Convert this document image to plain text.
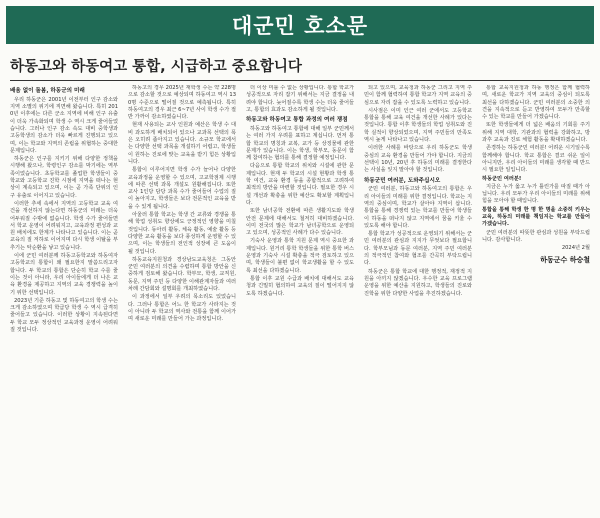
대군민 호소문
하동고와 하동여고 통합, 시급하고 중요합니다

배움 없이 돌봄, 하동군의 미래

우리 하동군은 2001년 이전부터 인구 감소와 지역 소멸의 위기에 직면해 왔습니다. 특히 2010년 이후에는 다른 군소 지역에 비해 인구 유출이 더욱 가속화되며 학생 수 역시 크게 줄어들었습니다. 그러나 인구 감소 속도 대비 중학생과 고등학생의 감소가 더욱 빠르게 진행되고 있으며, 이는 학교와 지역의 존립을 위협하는 중대한 문제입니다.

하동군은 인구를 지키기 위해 다양한 정책을 시행해 왔으나, 학령인구 감소를 막기에는 역부족이었습니다. 초등학교를 졸업한 학생들이 중학교와 고등학교 진학 시점에 지역을 떠나는 현상이 계속되고 있으며, 이는 곧 가족 단위의 인구 유출로 이어지고 있습니다.

이러한 추세 속에서 지역의 고등학교 교육 여건을 개선하지 않는다면 하동군의 미래는 더욱 어두워질 수밖에 없습니다. 학생 수가 줄어들면서 학교 운영이 어려워지고, 교육과정 편성과 교원 배치에도 한계가 나타나고 있습니다. 이는 곧 교육의 질 저하로 이어지며 다시 학생 이탈을 부추기는 악순환을 낳고 있습니다.

이에 군민 여러분께 하동고등학교와 하동여자고등학교의 통합이 왜 필요한지 말씀드리고자 합니다. 두 학교의 통합은 단순히 학교 수를 줄이는 것이 아니라, 우리 아이들에게 더 나은 교육 환경을 제공하고 지역의 교육 경쟁력을 높이기 위한 선택입니다.

2023년 기준 하동고 및 하동여고의 학생 수는 크게 감소하였으며 학급당 학생 수 역시 급격히 줄어들고 있습니다. 이러한 상황이 지속된다면 두 학교 모두 정상적인 교육과정 운영이 어려워질 것입니다.

하동고의 경우 2025년 재학생 수는 약 228명으로 감소할 것으로 예상되며 하동여고 역시 130명 수준으로 떨어질 것으로 예측됩니다. 특히 하동여고의 경우 최근 6~7년 사이 학생 수가 절반 가까이 감소하였습니다.

현재 사용되는 교사 인원과 예산은 학생 수 대비 과도하게 배치되어 있으나 교과목 선택의 폭은 오히려 좁아지고 있습니다. 소규모 학교에서는 다양한 선택 과목을 개설하기 어렵고, 학생들이 원하는 진로에 맞는 교육을 받기 힘든 상황입니다.

통합이 이루어지면 학생 수가 늘어나 다양한 교육과정을 운영할 수 있으며, 고교학점제 시행에 따른 선택 과목 개설도 원활해집니다. 또한 교사 1인당 담당 과목 수가 줄어들어 수업의 질이 높아지고, 학생들은 보다 전문적인 교육을 받을 수 있게 됩니다.

아울러 통합 학교는 학생 간 교류와 경쟁을 통해 학업 성취도 향상에도 긍정적인 영향을 미칠 것입니다. 동아리 활동, 체육 활동, 예술 활동 등 다양한 교육 활동을 보다 풍성하게 운영할 수 있으며, 이는 학생들의 전인적 성장에 큰 도움이 될 것입니다.

하동교육지원청과 경상남도교육청은 그동안 군민 여러분의 의견을 수렴하며 통합 방안을 신중하게 검토해 왔습니다. 학부모, 학생, 교직원, 동문, 지역 주민 등 다양한 이해관계자들과 여러 차례 간담회와 설명회를 개최하였습니다.

이 과정에서 일부 우려의 목소리도 있었습니다. 그러나 통합은 어느 한 학교가 사라지는 것이 아니라 두 학교의 역사와 전통을 함께 이어가며 새로운 미래를 만들어 가는 과정입니다.

더 이상 미룰 수 없는 상황입니다. 통합 학교가 성공적으로 자리 잡기 위해서는 지금 결정을 내려야 합니다. 늦어질수록 학생 수는 더욱 줄어들고, 통합의 효과도 감소하게 될 것입니다.

하동고와 하동여고 통합 과정의 여러 쟁점

하동고와 하동여고 통합에 대해 일부 군민께서는 여러 가지 우려를 표하고 계십니다. 먼저 통합 학교의 명칭과 교복, 교가 등 상징물에 관한 문제가 있습니다. 이는 학생, 학부모, 동문이 함께 참여하는 협의를 통해 결정할 예정입니다.

다음으로 통합 학교의 위치와 시설에 관한 문제입니다. 현재 두 학교의 시설 현황과 학생 통학 여건, 교육 환경 등을 종합적으로 고려하여 최적의 방안을 마련할 것입니다. 필요한 경우 시설 개선과 확충을 위한 예산도 확보할 계획입니다.

또한 남녀공학 전환에 따른 생활지도와 학생 안전 문제에 대해서도 철저히 대비하겠습니다. 이미 전국의 많은 학교가 남녀공학으로 운영되고 있으며, 성공적인 사례가 다수 있습니다.

기숙사 운영과 통학 지원 문제 역시 중요한 과제입니다. 원거리 통학 학생들을 위한 통학 버스 운영과 기숙사 시설 확충을 적극 검토하고 있으며, 학생들이 불편 없이 학교생활을 할 수 있도록 최선을 다하겠습니다.

통합 이후 교원 수급과 배치에 대해서도 교육청과 긴밀히 협의하여 교육의 질이 떨어지지 않도록 하겠습니다.

되고 있으며, 교육청과 하동군 그리고 지역 주민이 함께 협력하여 통합 학교가 지역 교육의 중심으로 자리 잡을 수 있도록 노력하고 있습니다.

시사점은 이미 인근 여러 군에서도 고등학교 통합을 통해 교육 여건을 개선한 사례가 있다는 것입니다. 통합 이후 학생들의 학업 성취도와 진학 실적이 향상되었으며, 지역 주민들의 만족도 역시 높게 나타나고 있습니다.

이러한 사례를 바탕으로 우리 하동군도 학생 중심의 교육 환경을 만들어 가야 합니다. 지금의 선택이 10년, 20년 후 하동의 미래를 결정한다는 사실을 잊지 말아야 할 것입니다.

하동군민 여러분, 도와주십시오

군민 여러분, 하동고와 하동여고의 통합은 우리 아이들의 미래를 위한 결정입니다. 학교는 지역의 중심이며, 학교가 살아야 지역이 삽니다. 통합을 통해 경쟁력 있는 학교를 만들어 학생들이 하동을 떠나지 않고 지역에서 꿈을 키울 수 있도록 해야 합니다.

통합 학교가 성공적으로 운영되기 위해서는 군민 여러분의 관심과 지지가 무엇보다 필요합니다. 학부모님과 동문 여러분, 지역 주민 여러분의 적극적인 참여와 협조를 간곡히 부탁드립니다.

하동군은 통합 학교에 대한 행정적, 재정적 지원을 아끼지 않겠습니다. 우수한 교육 프로그램 운영을 위한 예산을 지원하고, 학생들의 진로와 진학을 위한 다양한 사업을 추진하겠습니다.

통합 교육지원청과 하동 행정은 함께 협력하며, 새로운 학교가 지역 교육의 중심이 되도록 최선을 다하겠습니다. 군민 여러분의 소중한 의견을 지속적으로 듣고 반영하여 모두가 만족할 수 있는 학교를 만들어 가겠습니다.

또한 학생들에게 더 넓은 배움의 기회를 주기 위해 지역 대학, 기관과의 협력을 강화하고, 방과후 교육과 진로 체험 활동을 확대하겠습니다.

존경하는 하동군민 여러분! 어려운 시기일수록 함께해야 합니다. 학교 통합은 결코 쉬운 일이 아니지만, 우리 아이들의 미래를 생각할 때 반드시 필요한 일입니다.

하동군민 여러분!

지금은 누가 옳고 누가 틀린가를 따질 때가 아닙니다. 우리 모두가 우리 아이들의 미래를 위해 힘을 모아야 할 때입니다.

통합을 통해 학생 한 명 한 명을 소중히 키우는 교육, 하동의 미래를 책임지는 학교를 만들어 가겠습니다.

군민 여러분의 따뜻한 관심과 성원을 부탁드립니다. 감사합니다.

2024년 2월

하동군수 하승철
